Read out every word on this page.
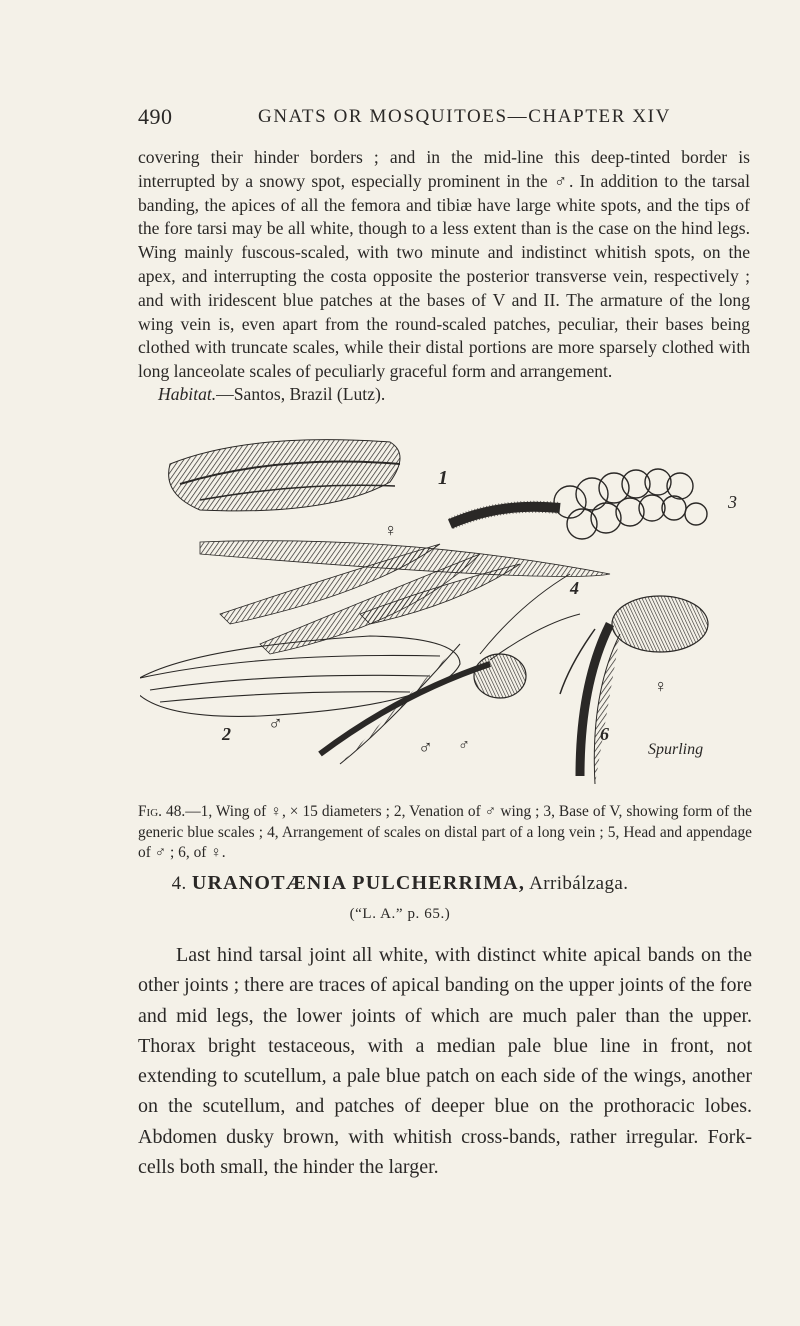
490	GNATS OR MOSQUITOES—CHAPTER XIV

covering their hinder borders ; and in the mid-line this deep-tinted border is interrupted by a snowy spot, especially prominent in the ♂. In addition to the tarsal banding, the apices of all the femora and tibiæ have large white spots, and the tips of the fore tarsi may be all white, though to a less extent than is the case on the hind legs. Wing mainly fuscous-scaled, with two minute and indistinct whitish spots, on the apex, and interrupting the costa opposite the posterior transverse vein, respectively ; and with iridescent blue patches at the bases of V and II. The armature of the long wing vein is, even apart from the round-scaled patches, peculiar, their bases being clothed with truncate scales, while their distal portions are more sparsely clothed with long lanceolate scales of peculiarly graceful form and arrangement.

Habitat.—Santos, Brazil (Lutz).

1
2
3
4
♀
♀
♂
♂ ♂
6
Spurling

Fig. 48.—1, Wing of ♀, × 15 diameters ; 2, Venation of ♂ wing ; 3, Base of V, showing form of the generic blue scales ; 4, Arrangement of scales on distal part of a long vein ; 5, Head and appendage of ♂ ; 6, of ♀.

4. URANOTÆNIA PULCHERRIMA, Arribálzaga.
(“L. A.” p. 65.)

Last hind tarsal joint all white, with distinct white apical bands on the other joints ; there are traces of apical banding on the upper joints of the fore and mid legs, the lower joints of which are much paler than the upper. Thorax bright testaceous, with a median pale blue line in front, not extending to scutellum, a pale blue patch on each side of the wings, another on the scutellum, and patches of deeper blue on the prothoracic lobes. Abdomen dusky brown, with whitish cross-bands, rather irregular. Fork-cells both small, the hinder the larger.
